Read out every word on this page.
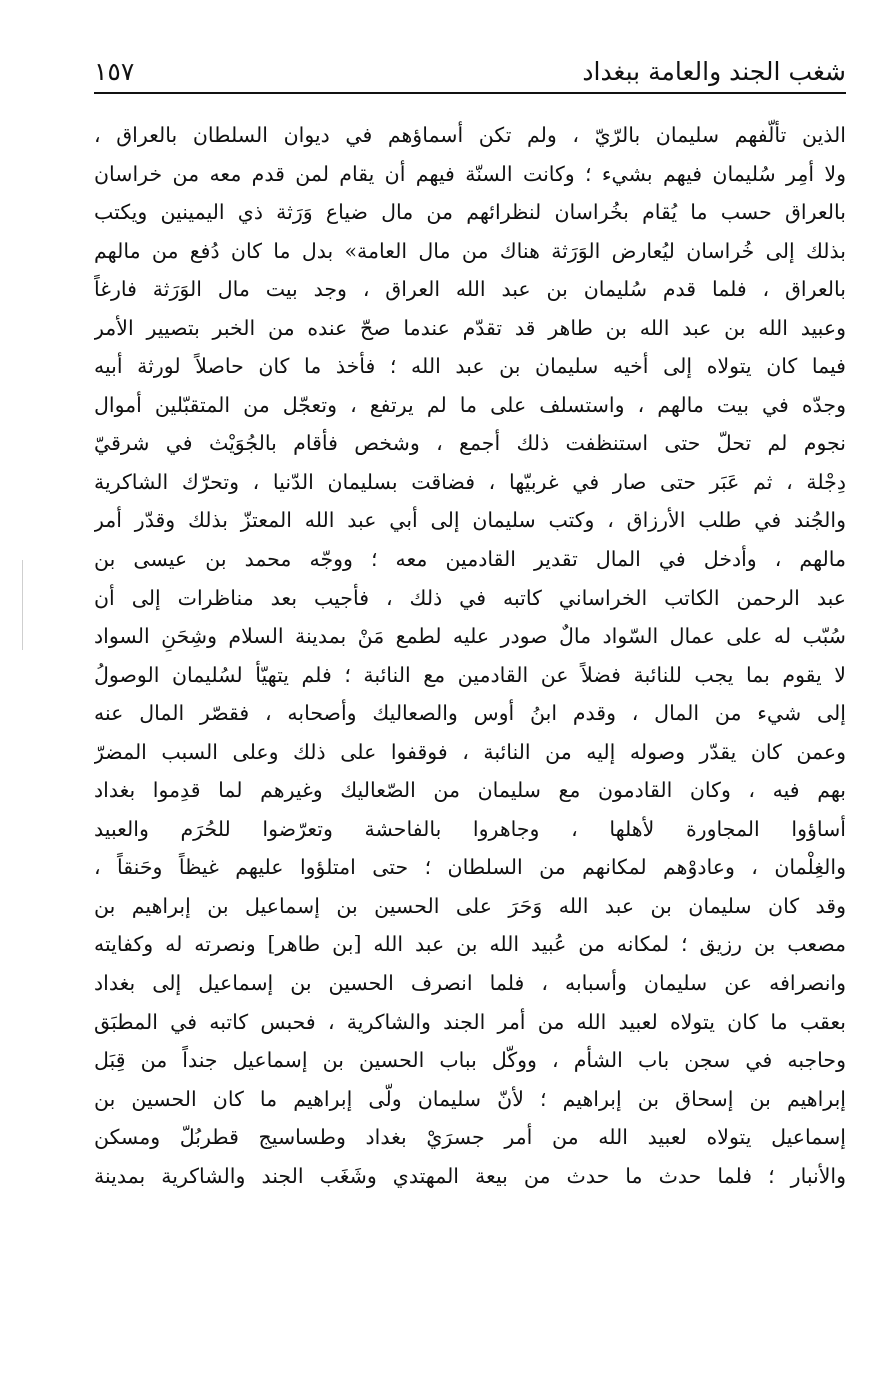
شغب الجند والعامة ببغداد
١٥٧
الذين تألّفهم سليمان بالرّيّ ، ولم تكن أسماؤهم في ديوان السلطان بالعراق ،
ولا أمِر سُليمان فيهم بشيء ؛ وكانت السنّة فيهم أن يقام لمن قدم معه من خراسان
بالعراق حسب ما يُقام بخُراسان لنظرائهم من مال ضياع وَرَثة ذي اليمينين ويكتب
بذلك إلى خُراسان ليُعارض الوَرَثة هناك من مال العامة» بدل ما كان دُفع من مالهم
بالعراق ، فلما قدم سُليمان بن عبد الله العراق ، وجد بيت مال الوَرَثة فارغاً
وعبيد الله بن عبد الله بن طاهر قد تقدّم عندما صحّ عنده من الخبر بتصيير الأمر
فيما كان يتولاه إلى أخيه سليمان بن عبد الله ؛ فأخذ ما كان حاصلاً لورثة أبيه
وجدّه في بيت مالهم ، واستسلف على ما لم يرتفع ، وتعجّل من المتقبّلين أموال
نجوم لم تحلّ حتى استنظفت ذلك أجمع ، وشخص فأقام بالجُوَيْث في شرقيّ
دِجْلة ، ثم عَبَر حتى صار في غربيّها ، فضاقت بسليمان الدّنيا ، وتحرّك الشاكرية
والجُند في طلب الأرزاق ، وكتب سليمان إلى أبي عبد الله المعتزّ بذلك وقدّر أمر
مالهم ، وأدخل في المال تقدير القادمين معه ؛ ووجّه محمد بن عيسى بن
عبد الرحمن الكاتب الخراساني كاتبه في ذلك ، فأجيب بعد مناظرات إلى أن
سُبّب له على عمال السّواد مالٌ صودر عليه لطمع مَنْ بمدينة السلام وشِحَنِ السواد
لا يقوم بما يجب للنائبة فضلاً عن القادمين مع النائبة ؛ فلم يتهيّأ لسُليمان الوصولُ
إلى شيء من المال ، وقدم ابنُ أوس والصعاليك وأصحابه ، فقصّر المال عنه
وعمن كان يقدّر وصوله إليه من النائبة ، فوقفوا على ذلك وعلى السبب المضرّ
بهم فيه ، وكان القادمون مع سليمان من الصّعاليك وغيرهم لما قدِموا بغداد
أساؤوا المجاورة لأهلها ، وجاهروا بالفاحشة وتعرّضوا للحُرَم والعبيد
والغِلْمان ، وعادوْهم لمكانهم من السلطان ؛ حتى امتلؤوا عليهم غيظاً وحَنقاً ،
وقد كان سليمان بن عبد الله وَحَرَ على الحسين بن إسماعيل بن إبراهيم بن
مصعب بن رزيق ؛ لمكانه من عُبيد الله بن عبد الله [بن طاهر] ونصرته له وكفايته
وانصرافه عن سليمان وأسبابه ، فلما انصرف الحسين بن إسماعيل إلى بغداد
بعقب ما كان يتولاه لعبيد الله من أمر الجند والشاكرية ، فحبس كاتبه في المطبَق
وحاجبه في سجن باب الشأم ، ووكّل بباب الحسين بن إسماعيل جنداً من قِبَل
إبراهيم بن إسحاق بن إبراهيم ؛ لأنّ سليمان ولّى إبراهيم ما كان الحسين بن
إسماعيل يتولاه لعبيد الله من أمر جسرَيْ بغداد وطساسيج قطربُلّ ومسكن
والأنبار ؛ فلما حدث ما حدث من بيعة المهتدي وشَغَب الجند والشاكرية بمدينة
